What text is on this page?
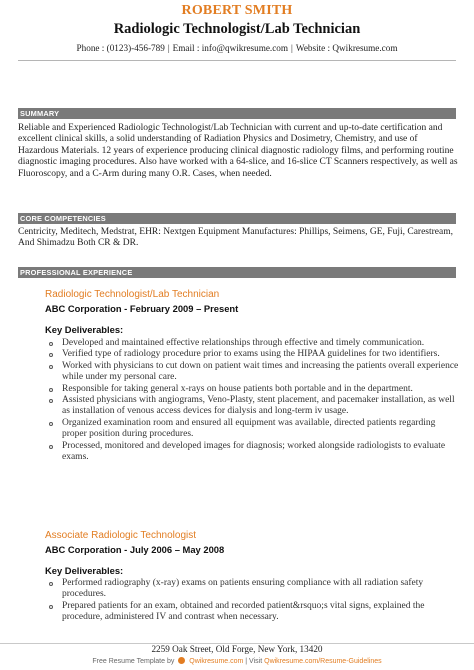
ROBERT SMITH
Radiologic Technologist/Lab Technician
Phone : (0123)-456-789 | Email : info@qwikresume.com | Website : Qwikresume.com
SUMMARY
Reliable and Experienced Radiologic Technologist/Lab Technician with current and up-to-date certification and excellent clinical skills, a solid understanding of Radiation Physics and Dosimetry, Chemistry, and use of Hazardous Materials. 12 years of experience producing clinical diagnostic radiology films, and performing routine diagnostic imaging procedures. Also have worked with a 64-slice, and 16-slice CT Scanners respectively, as well as Fluoroscopy, and a C-Arm during many O.R. Cases, when needed.
CORE COMPETENCIES
Centricity, Meditech, Medstrat, EHR: Nextgen Equipment Manufactures: Phillips, Seimens, GE, Fuji, Carestream, And Shimadzu Both CR & DR.
PROFESSIONAL EXPERIENCE
Radiologic Technologist/Lab Technician
ABC Corporation - February 2009 – Present
Key Deliverables:
Developed and maintained effective relationships through effective and timely communication.
Verified type of radiology procedure prior to exams using the HIPAA guidelines for two identifiers.
Worked with physicians to cut down on patient wait times and increasing the patients overall experience while under my personal care.
Responsible for taking general x-rays on house patients both portable and in the department.
Assisted physicians with angiograms, Veno-Plasty, stent placement, and pacemaker installation, as well as installation of venous access devices for dialysis and long-term iv usage.
Organized examination room and ensured all equipment was available, directed patients regarding proper position during procedures.
Processed, monitored and developed images for diagnosis; worked alongside radiologists to evaluate exams.
Associate Radiologic Technologist
ABC Corporation - July 2006 – May 2008
Key Deliverables:
Performed radiography (x-ray) exams on patients ensuring compliance with all radiation safety procedures.
Prepared patients for an exam, obtained and recorded patient&rsquo;s vital signs, explained the procedure, administered IV and contrast when necessary.
2259 Oak Street, Old Forge, New York, 13420
Free Resume Template by Qwikresume.com | Visit Qwikresume.com/Resume-Guidelines
